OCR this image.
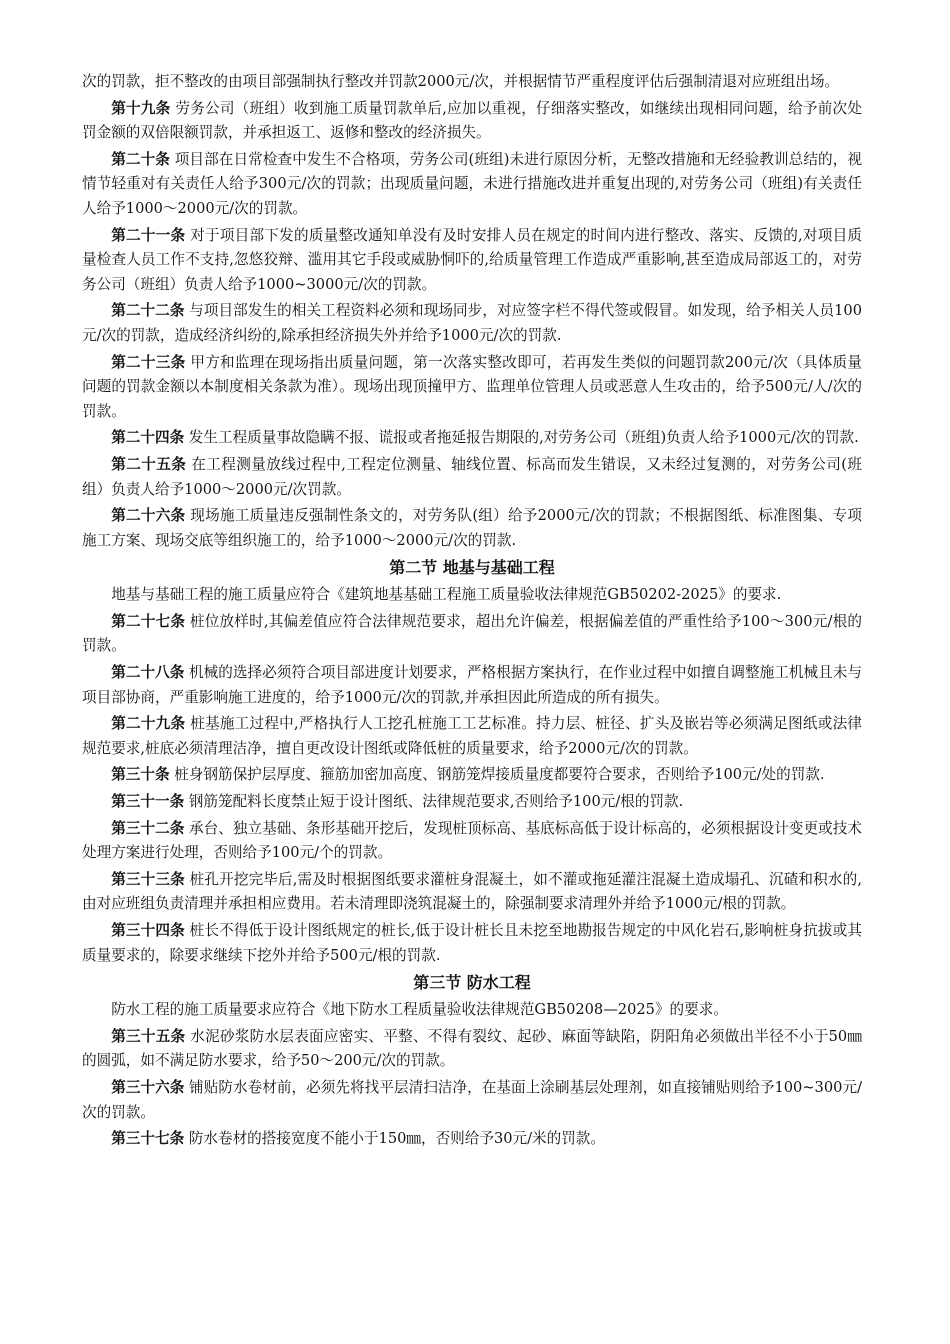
次的罚款，拒不整改的由项目部强制执行整改并罚款2000元/次，并根据情节严重程度评估后强制清退对应班组出场。

第十九条 劳务公司（班组）收到施工质量罚款单后,应加以重视，仔细落实整改，如继续出现相同问题，给予前次处罚金额的双倍限额罚款，并承担返工、返修和整改的经济损失。

第二十条 项目部在日常检查中发生不合格项，劳务公司(班组)未进行原因分析，无整改措施和无经验教训总结的，视情节轻重对有关责任人给予300元/次的罚款；出现质量问题，未进行措施改进并重复出现的,对劳务公司（班组)有关责任人给予1000～2000元/次的罚款。

第二十一条 对于项目部下发的质量整改通知单没有及时安排人员在规定的时间内进行整改、落实、反馈的,对项目质量检查人员工作不支持,忽悠狡辩、滥用其它手段或威胁恫吓的,给质量管理工作造成严重影响,甚至造成局部返工的，对劳务公司（班组）负责人给予1000~3000元/次的罚款。

第二十二条 与项目部发生的相关工程资料必须和现场同步，对应签字栏不得代签或假冒。如发现，给予相关人员100元/次的罚款，造成经济纠纷的,除承担经济损失外并给予1000元/次的罚款.

第二十三条 甲方和监理在现场指出质量问题，第一次落实整改即可，若再发生类似的问题罚款200元/次（具体质量问题的罚款金额以本制度相关条款为准）。现场出现顶撞甲方、监理单位管理人员或恶意人生攻击的，给予500元/人/次的罚款。

第二十四条 发生工程质量事故隐瞒不报、谎报或者拖延报告期限的,对劳务公司（班组)负责人给予1000元/次的罚款.

第二十五条 在工程测量放线过程中,工程定位测量、轴线位置、标高而发生错误，又未经过复测的，对劳务公司(班组）负责人给予1000～2000元/次罚款。

第二十六条 现场施工质量违反强制性条文的，对劳务队(组）给予2000元/次的罚款；不根据图纸、标准图集、专项施工方案、现场交底等组织施工的，给予1000～2000元/次的罚款.

第二节 地基与基础工程

地基与基础工程的施工质量应符合《建筑地基基础工程施工质量验收法律规范GB50202-2025》的要求.

第二十七条 桩位放样时,其偏差值应符合法律规范要求，超出允许偏差，根据偏差值的严重性给予100～300元/根的罚款。

第二十八条 机械的选择必须符合项目部进度计划要求，严格根据方案执行，在作业过程中如擅自调整施工机械且未与项目部协商，严重影响施工进度的，给予1000元/次的罚款,并承担因此所造成的所有损失。

第二十九条 桩基施工过程中,严格执行人工挖孔桩施工工艺标准。持力层、桩径、扩头及嵌岩等必须满足图纸或法律规范要求,桩底必须清理洁净，擅自更改设计图纸或降低桩的质量要求，给予2000元/次的罚款。

第三十条 桩身钢筋保护层厚度、箍筋加密加高度、钢筋笼焊接质量度都要符合要求，否则给予100元/处的罚款.

第三十一条 钢筋笼配料长度禁止短于设计图纸、法律规范要求,否则给予100元/根的罚款.

第三十二条 承台、独立基础、条形基础开挖后，发现桩顶标高、基底标高低于设计标高的，必须根据设计变更或技术处理方案进行处理，否则给予100元/个的罚款。

第三十三条 桩孔开挖完毕后,需及时根据图纸要求灌桩身混凝土，如不灌或拖延灌注混凝土造成塌孔、沉碴和积水的,由对应班组负责清理并承担相应费用。若未清理即浇筑混凝土的，除强制要求清理外并给予1000元/根的罚款。

第三十四条 桩长不得低于设计图纸规定的桩长,低于设计桩长且未挖至地勘报告规定的中风化岩石,影响桩身抗拔或其质量要求的，除要求继续下挖外并给予500元/根的罚款.

第三节 防水工程

防水工程的施工质量要求应符合《地下防水工程质量验收法律规范GB50208—2025》的要求。

第三十五条 水泥砂浆防水层表面应密实、平整、不得有裂纹、起砂、麻面等缺陷，阴阳角必须做出半径不小于50㎜的圆弧，如不满足防水要求，给予50～200元/次的罚款。

第三十六条 铺贴防水卷材前，必须先将找平层清扫洁净，在基面上涂刷基层处理剂，如直接铺贴则给予100~300元/次的罚款。

第三十七条 防水卷材的搭接宽度不能小于150㎜，否则给予30元/米的罚款。
